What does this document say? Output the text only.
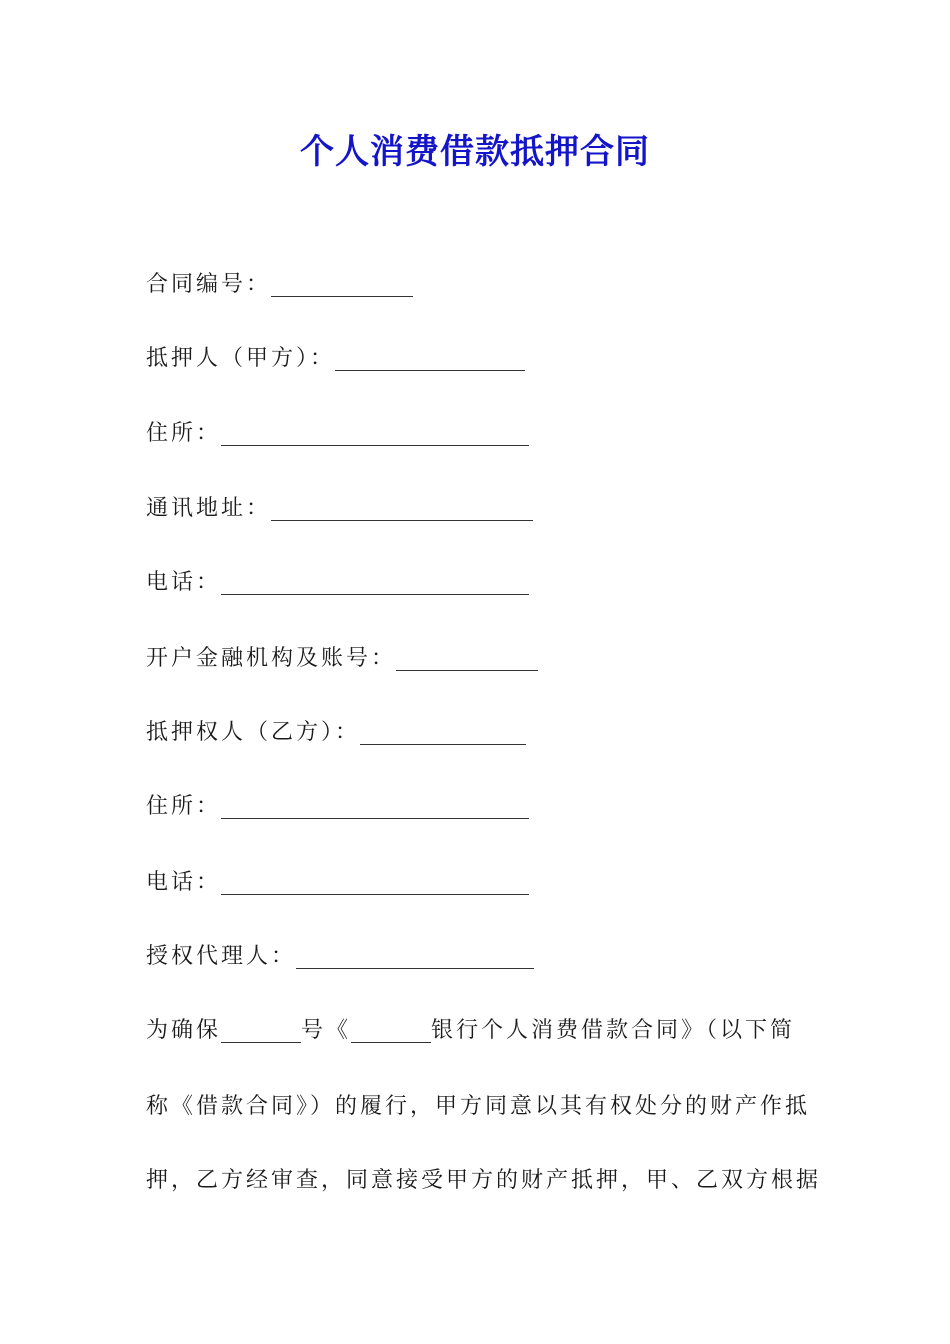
个人消费借款抵押合同
合同编号：
抵押人（甲方）：
住所：
通讯地址：
电话：
开户金融机构及账号：
抵押权人（乙方）：
住所：
电话：
授权代理人：
为确保	号《	银行个人消费借款合同》（以下简
称《借款合同》）的履行，甲方同意以其有权处分的财产作抵
押，乙方经审查，同意接受甲方的财产抵押，甲、乙双方根据
